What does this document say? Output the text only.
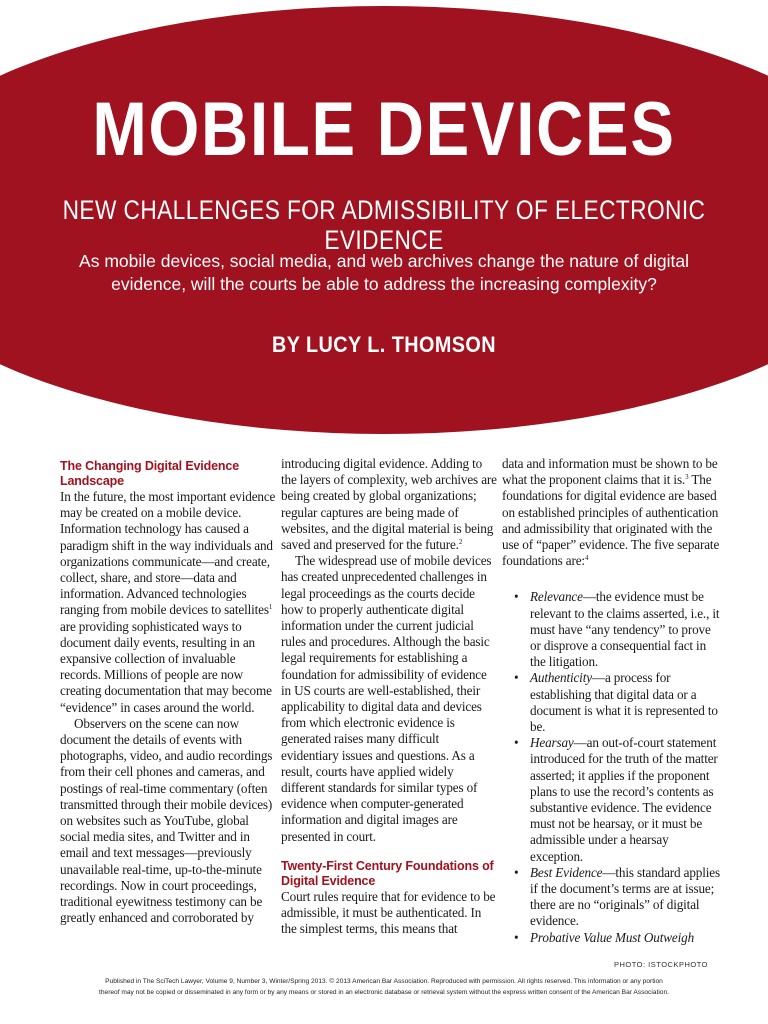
MOBILE DEVICES
NEW CHALLENGES FOR ADMISSIBILITY OF ELECTRONIC EVIDENCE
As mobile devices, social media, and web archives change the nature of digital evidence, will the courts be able to address the increasing complexity?
BY LUCY L. THOMSON
The Changing Digital Evidence Landscape

In the future, the most important evidence may be created on a mobile device. Information technology has caused a paradigm shift in the way individuals and organizations communicate—and create, collect, share, and store—data and information. Advanced technologies ranging from mobile devices to satellites$^1$ are providing sophisticated ways to document daily events, resulting in an expansive collection of invaluable records. Millions of people are now creating documentation that may become “evidence” in cases around the world.

Observers on the scene can now document the details of events with photographs, video, and audio recordings from their cell phones and cameras, and postings of real-time commentary (often transmitted through their mobile devices) on websites such as YouTube, global social media sites, and Twitter and in email and text messages—previously unavailable real-time, up-to-the-minute recordings. Now in court proceedings, traditional eyewitness testimony can be greatly enhanced and corroborated by

introducing digital evidence. Adding to the layers of complexity, web archives are being created by global organizations; regular captures are being made of websites, and the digital material is being saved and preserved for the future.$^2$

The widespread use of mobile devices has created unprecedented challenges in legal proceedings as the courts decide how to properly authenticate digital information under the current judicial rules and procedures. Although the basic legal requirements for establishing a foundation for admissibility of evidence in US courts are well-established, their applicability to digital data and devices from which electronic evidence is generated raises many difficult evidentiary issues and questions. As a result, courts have applied widely different standards for similar types of evidence when computer-generated information and digital images are presented in court.

Twenty-First Century Foundations of Digital Evidence

Court rules require that for evidence to be admissible, it must be authenticated. In the simplest terms, this means that

data and information must be shown to be what the proponent claims that it is.$^3$ The foundations for digital evidence are based on established principles of authentication and admissibility that originated with the use of “paper” evidence. The five separate foundations are:$^4$

• Relevance—the evidence must be relevant to the claims asserted, i.e., it must have “any tendency” to prove or disprove a consequential fact in the litigation.
• Authenticity—a process for establishing that digital data or a document is what it is represented to be.
• Hearsay—an out-of-court statement introduced for the truth of the matter asserted; it applies if the proponent plans to use the record’s contents as substantive evidence. The evidence must not be hearsay, or it must be admissible under a hearsay exception.
• Best Evidence—this standard applies if the document’s terms are at issue; there are no “originals” of digital evidence.
• Probative Value Must Outweigh
PHOTO: ISTOCKPHOTO
Published in The SciTech Lawyer, Volume 9, Number 3, Winter/Spring 2013. © 2013 American Bar Association. Reproduced with permission. All rights reserved. This information or any portion
thereof may not be copied or disseminated in any form or by any means or stored in an electronic database or retrieval system without the express written consent of the American Bar Association.
